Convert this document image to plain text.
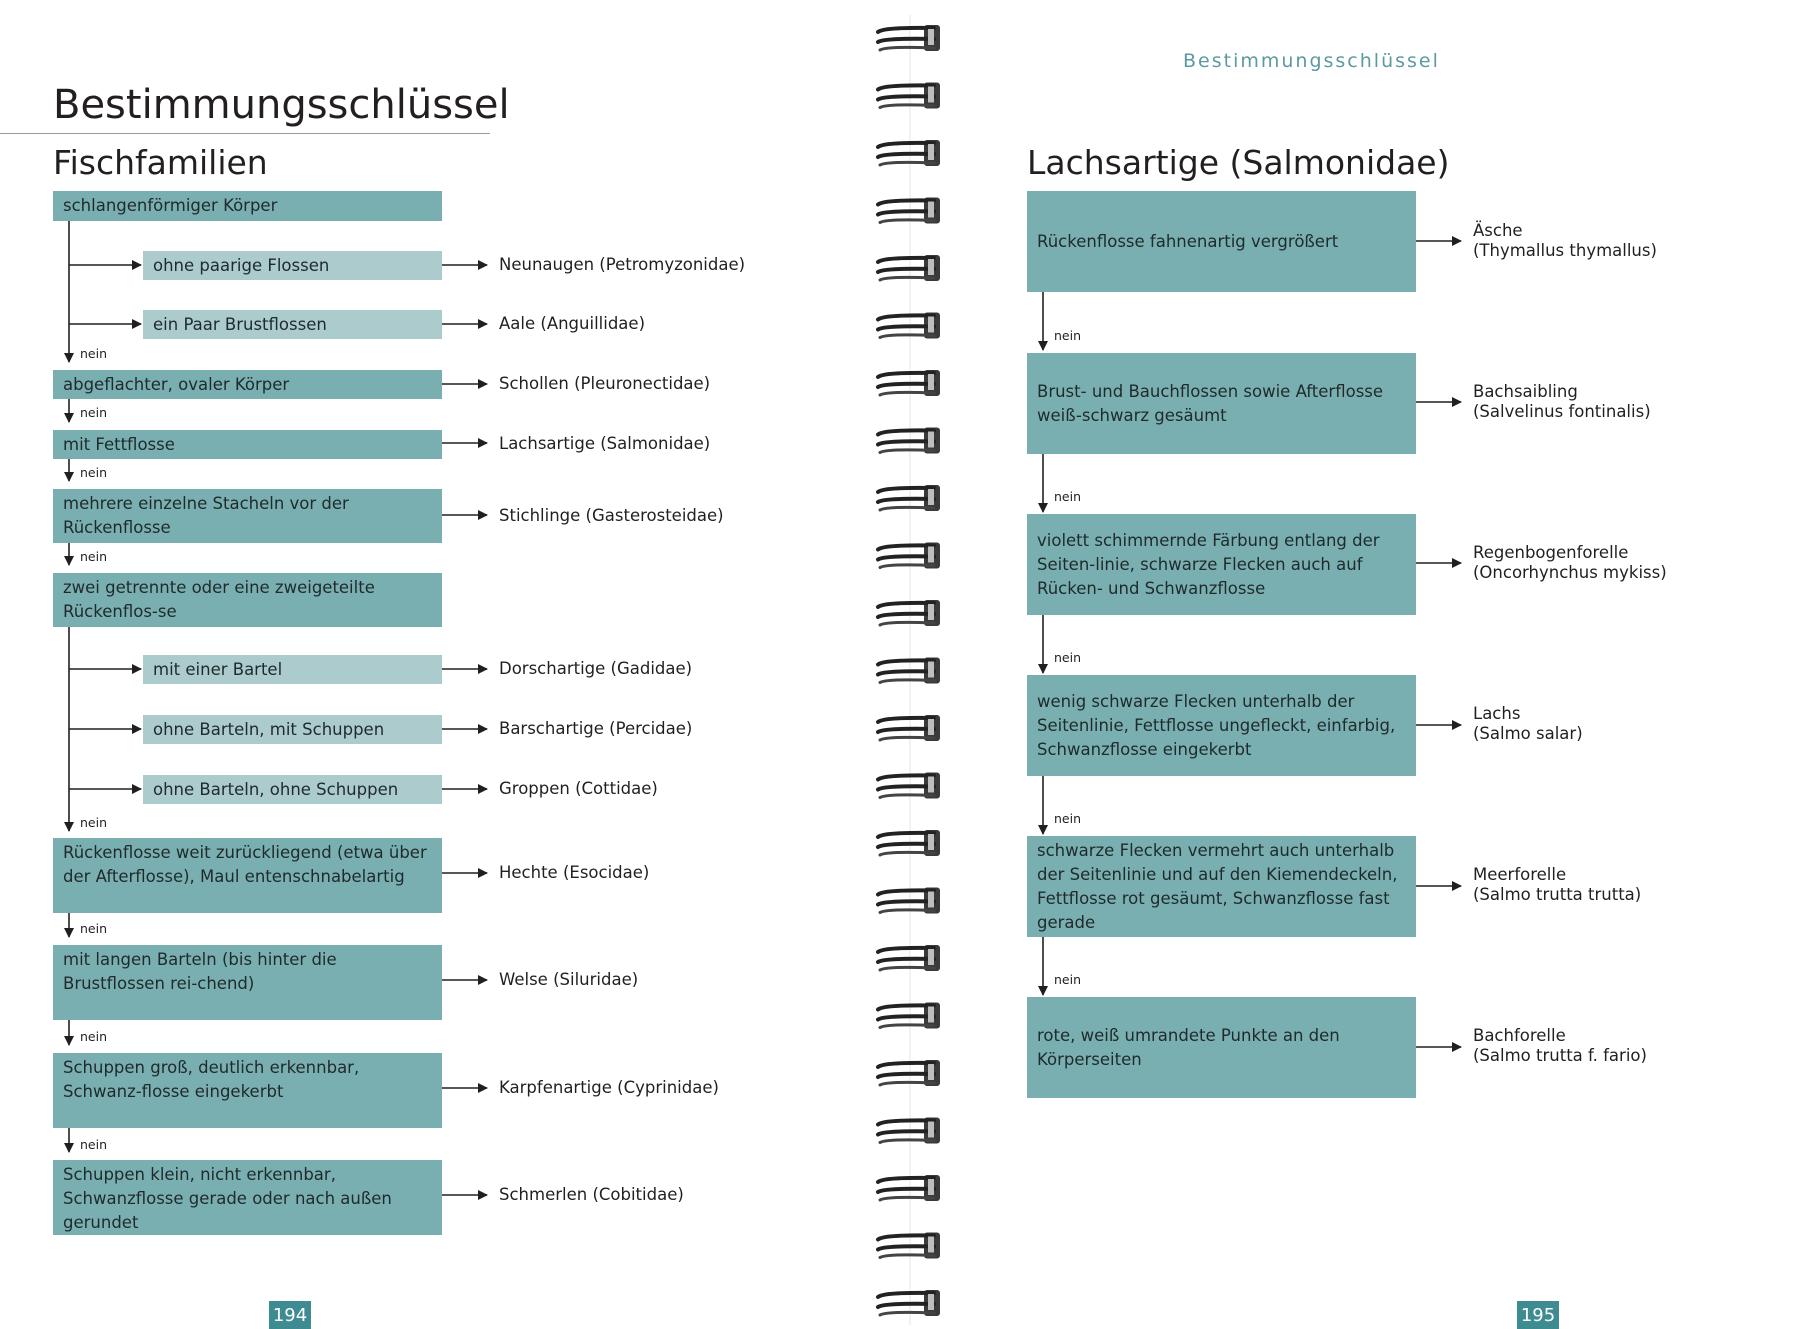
Bestimmungsschlüssel
Fischfamilien
schlangenförmiger Körper
ohne paarige Flossen
ein Paar Brustflossen
abgeflachter, ovaler Körper
mit Fettflosse
mehrere einzelne Stacheln vor der Rückenflosse
zwei getrennte oder eine zweigeteilte Rückenflos-se
mit einer Bartel
ohne Barteln, mit Schuppen
ohne Barteln, ohne Schuppen
Rückenflosse weit zurückliegend (etwa über der Afterflosse), Maul entenschnabelartig
mit langen Barteln (bis hinter die Brustflossen rei-chend)
Schuppen groß, deutlich erkennbar, Schwanz-flosse eingekerbt
Schuppen klein, nicht erkennbar, Schwanzflosse gerade oder nach außen gerundet
Neunaugen (Petromyzonidae)
Aale (Anguillidae)
Schollen (Pleuronectidae)
Lachsartige (Salmonidae)
Stichlinge (Gasterosteidae)
Dorschartige (Gadidae)
Barschartige (Percidae)
Groppen (Cottidae)
Hechte (Esocidae)
Welse (Siluridae)
Karpfenartige (Cyprinidae)
Schmerlen (Cobitidae)
nein
nein
nein
nein
nein
nein
nein
nein
194
Bestimmungsschlüssel
Lachsartige (Salmonidae)
Rückenflosse fahnenartig vergrößert
Brust- und Bauchflossen sowie Afterflosse weiß-schwarz gesäumt
violett schimmernde Färbung entlang der Seiten-linie, schwarze Flecken auch auf Rücken- und Schwanzflosse
wenig schwarze Flecken unterhalb der Seitenlinie, Fettflosse ungefleckt, einfarbig, Schwanzflosse eingekerbt
schwarze Flecken vermehrt auch unterhalb der Seitenlinie und auf den Kiemendeckeln, Fettflosse rot gesäumt, Schwanzflosse fast gerade
rote, weiß umrandete Punkte an den Körperseiten
Äsche
(Thymallus thymallus)
Bachsaibling
(Salvelinus fontinalis)
Regenbogenforelle
(Oncorhynchus mykiss)
Lachs
(Salmo salar)
Meerforelle
(Salmo trutta trutta)
Bachforelle
(Salmo trutta f. fario)
nein
nein
nein
nein
nein
195
